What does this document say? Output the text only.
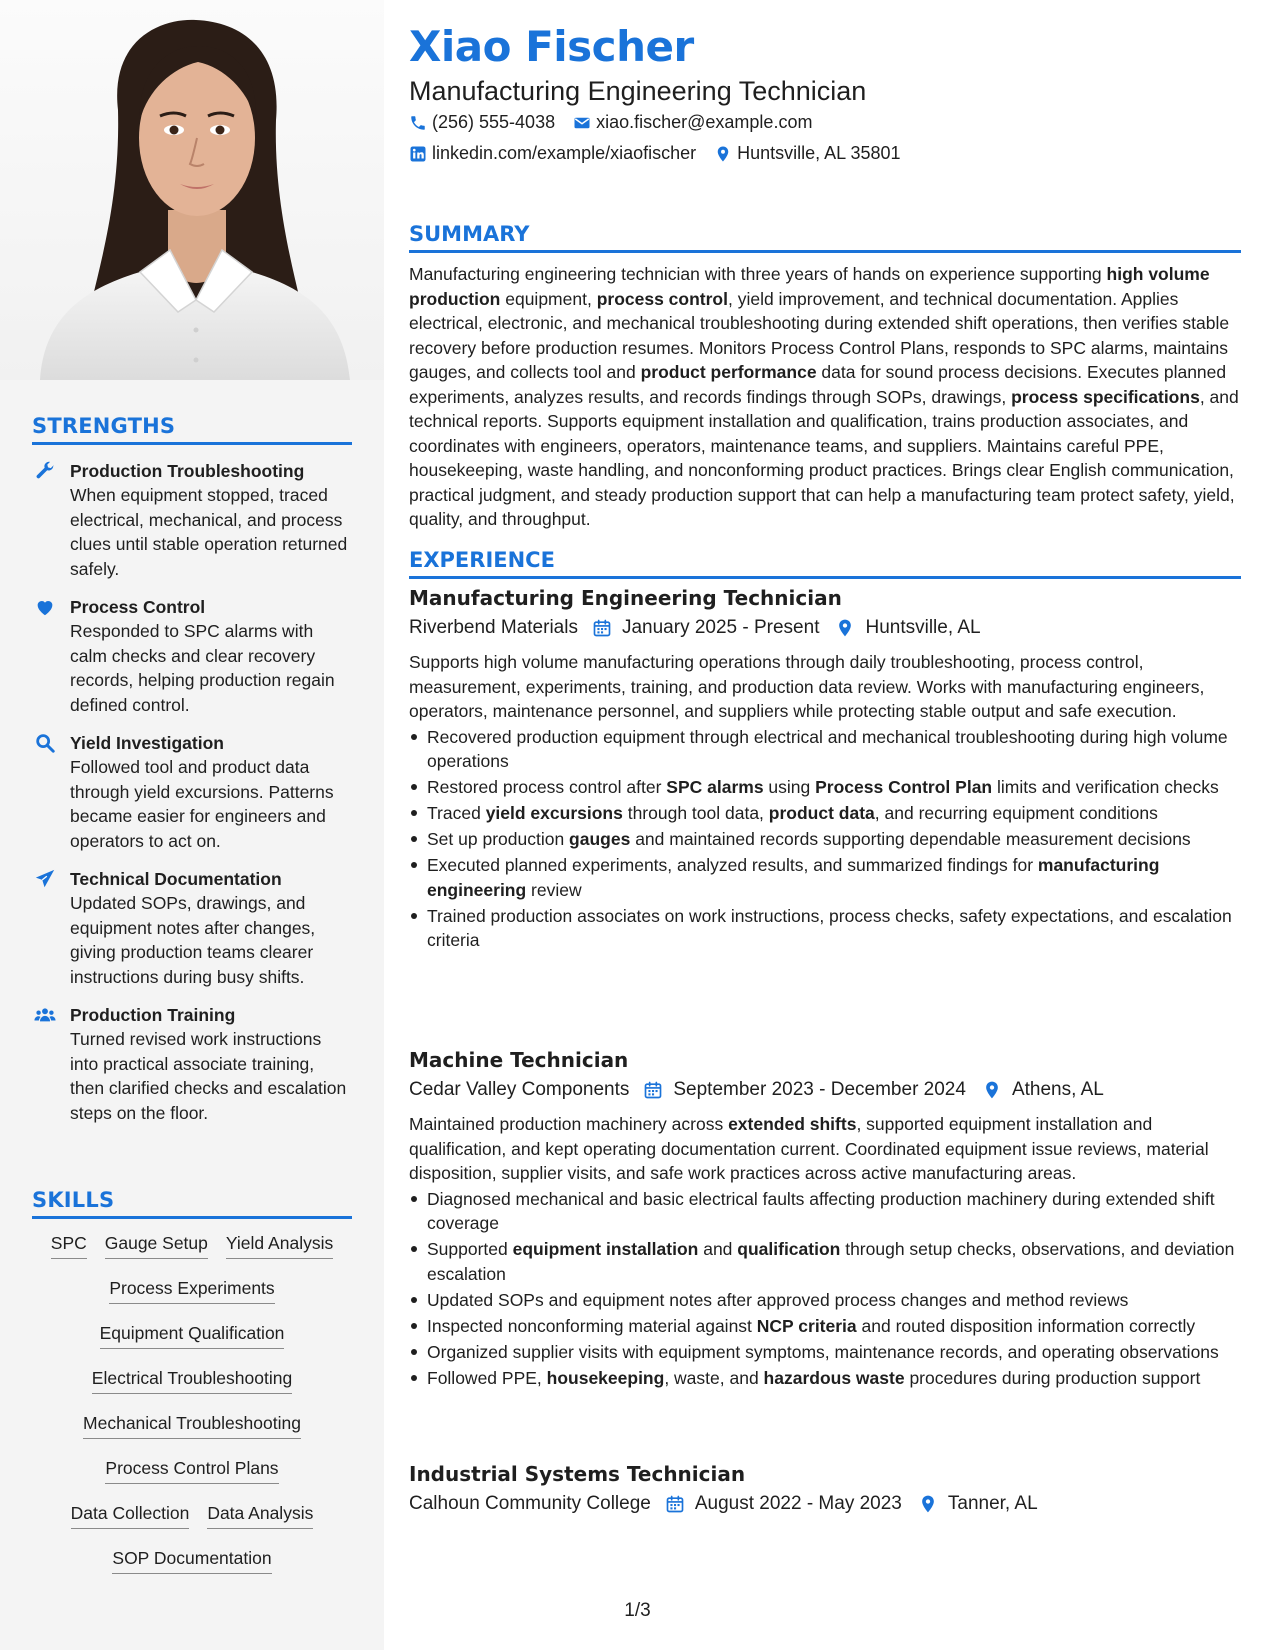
STRENGTHS
Production Troubleshooting
When equipment stopped, traced electrical, mechanical, and process clues until stable operation returned safely.
Process Control
Responded to SPC alarms with calm checks and clear recovery records, helping production regain defined control.
Yield Investigation
Followed tool and product data through yield excursions. Patterns became easier for engineers and operators to act on.
Technical Documentation
Updated SOPs, drawings, and equipment notes after changes, giving production teams clearer instructions during busy shifts.
Production Training
Turned revised work instructions into practical associate training, then clarified checks and escalation steps on the floor.
SKILLS
SPC Gauge Setup Yield Analysis
Process Experiments
Equipment Qualification
Electrical Troubleshooting
Mechanical Troubleshooting
Process Control Plans
Data Collection Data Analysis
SOP Documentation
Xiao Fischer
Manufacturing Engineering Technician
(256) 555-4038 xiao.fischer@example.com
linkedin.com/example/xiaofischer Huntsville, AL 35801
SUMMARY
Manufacturing engineering technician with three years of hands on experience supporting high volume production equipment, process control, yield improvement, and technical documentation. Applies electrical, electronic, and mechanical troubleshooting during extended shift operations, then verifies stable recovery before production resumes. Monitors Process Control Plans, responds to SPC alarms, maintains gauges, and collects tool and product performance data for sound process decisions. Executes planned experiments, analyzes results, and records findings through SOPs, drawings, process specifications, and technical reports. Supports equipment installation and qualification, trains production associates, and coordinates with engineers, operators, maintenance teams, and suppliers. Maintains careful PPE, housekeeping, waste handling, and nonconforming product practices. Brings clear English communication, practical judgment, and steady production support that can help a manufacturing team protect safety, yield, quality, and throughput.
EXPERIENCE
Manufacturing Engineering Technician
Riverbend Materials January 2025 - Present Huntsville, AL
Supports high volume manufacturing operations through daily troubleshooting, process control, measurement, experiments, training, and production data review. Works with manufacturing engineers, operators, maintenance personnel, and suppliers while protecting stable output and safe execution.
Recovered production equipment through electrical and mechanical troubleshooting during high volume operations
Restored process control after SPC alarms using Process Control Plan limits and verification checks
Traced yield excursions through tool data, product data, and recurring equipment conditions
Set up production gauges and maintained records supporting dependable measurement decisions
Executed planned experiments, analyzed results, and summarized findings for manufacturing engineering review
Trained production associates on work instructions, process checks, safety expectations, and escalation criteria
Machine Technician
Cedar Valley Components September 2023 - December 2024 Athens, AL
Maintained production machinery across extended shifts, supported equipment installation and qualification, and kept operating documentation current. Coordinated equipment issue reviews, material disposition, supplier visits, and safe work practices across active manufacturing areas.
Diagnosed mechanical and basic electrical faults affecting production machinery during extended shift coverage
Supported equipment installation and qualification through setup checks, observations, and deviation escalation
Updated SOPs and equipment notes after approved process changes and method reviews
Inspected nonconforming material against NCP criteria and routed disposition information correctly
Organized supplier visits with equipment symptoms, maintenance records, and operating observations
Followed PPE, housekeeping, waste, and hazardous waste procedures during production support
Industrial Systems Technician
Calhoun Community College August 2022 - May 2023 Tanner, AL
1/3
